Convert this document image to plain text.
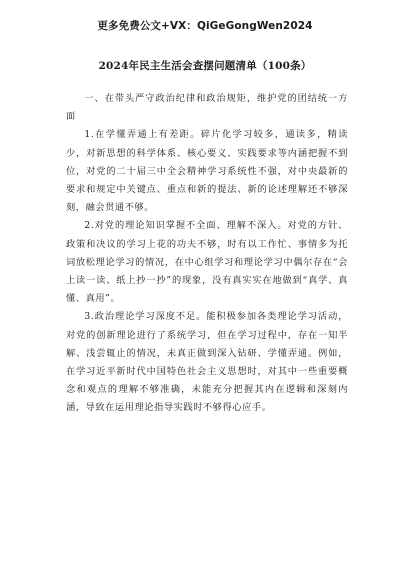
更多免费公文+VX：QiGeGongWen2024
2024年民主生活会查摆问题清单（100条）

一、在带头严守政治纪律和政治规矩，维护党的团结统一方面

1.在学懂弄通上有差距。碎片化学习较多，通读多，精读少，对新思想的科学体系、核心要义、实践要求等内涵把握不到位，对党的二十届三中全会精神学习系统性不强，对中央最新的要求和规定中关键点、重点和新的提法、新的论述理解还不够深刻，融会贯通不够。

2.对党的理论知识掌握不全面、理解不深入。对党的方针、政策和决议的学习上花的功夫不够，时有以工作忙、事情多为托词放松理论学习的情况，在中心组学习和理论学习中偶尔存在“会上读一读、纸上抄一抄”的现象，没有真实实在地做到“真学、真懂、真用”。

3.政治理论学习深度不足。能积极参加各类理论学习活动，对党的创新理论进行了系统学习，但在学习过程中，存在一知半解、浅尝辄止的情况，未真正做到深入钻研、学懂弄通。例如，在学习近平新时代中国特色社会主义思想时，对其中一些重要概念和观点的理解不够准确，未能充分把握其内在逻辑和深刻内涵，导致在运用理论指导实践时不够得心应手。
